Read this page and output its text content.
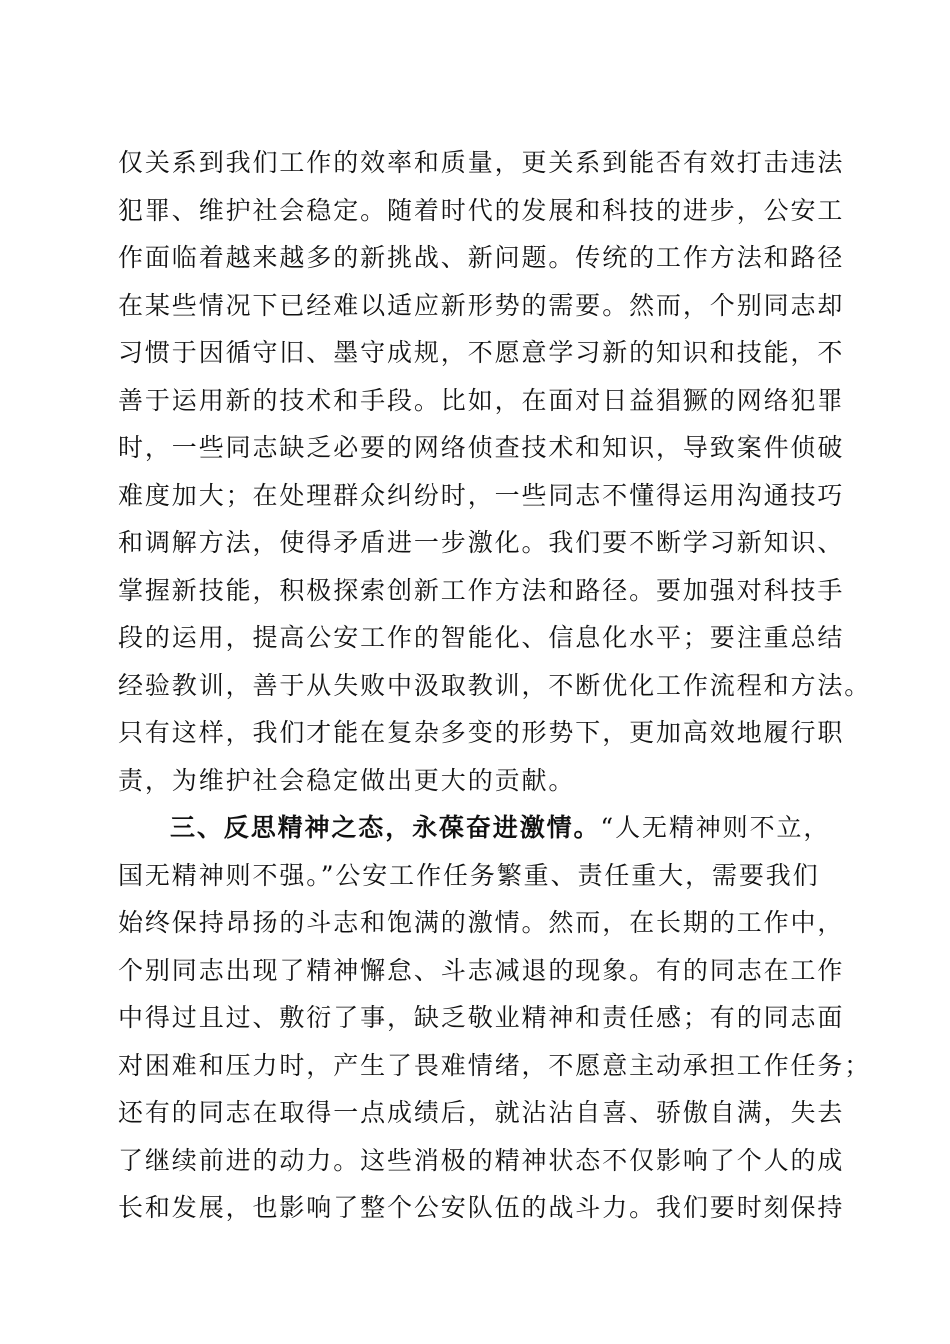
仅关系到我们工作的效率和质量，更关系到能否有效打击违法
犯罪、维护社会稳定。随着时代的发展和科技的进步，公安工
作面临着越来越多的新挑战、新问题。传统的工作方法和路径
在某些情况下已经难以适应新形势的需要。然而，个别同志却
习惯于因循守旧、墨守成规，不愿意学习新的知识和技能，不
善于运用新的技术和手段。比如，在面对日益猖獗的网络犯罪
时，一些同志缺乏必要的网络侦查技术和知识，导致案件侦破
难度加大；在处理群众纠纷时，一些同志不懂得运用沟通技巧
和调解方法，使得矛盾进一步激化。我们要不断学习新知识、
掌握新技能，积极探索创新工作方法和路径。要加强对科技手
段的运用，提高公安工作的智能化、信息化水平；要注重总结
经验教训，善于从失败中汲取教训，不断优化工作流程和方法。
只有这样，我们才能在复杂多变的形势下，更加高效地履行职
责，为维护社会稳定做出更大的贡献。
三、反思精神之态，永葆奋进激情。“人无精神则不立，
国无精神则不强。”公安工作任务繁重、责任重大，需要我们
始终保持昂扬的斗志和饱满的激情。然而，在长期的工作中，
个别同志出现了精神懈怠、斗志减退的现象。有的同志在工作
中得过且过、敷衍了事，缺乏敬业精神和责任感；有的同志面
对困难和压力时，产生了畏难情绪，不愿意主动承担工作任务；
还有的同志在取得一点成绩后，就沾沾自喜、骄傲自满，失去
了继续前进的动力。这些消极的精神状态不仅影响了个人的成
长和发展，也影响了整个公安队伍的战斗力。我们要时刻保持
